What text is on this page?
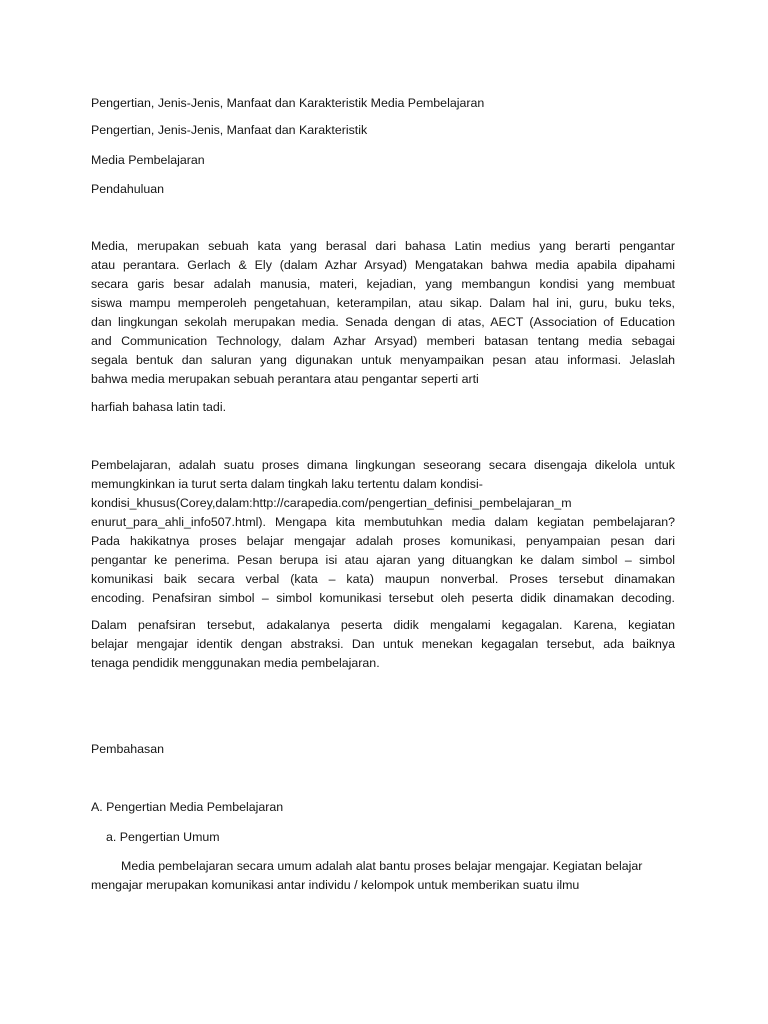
Pengertian, Jenis-Jenis, Manfaat dan Karakteristik Media Pembelajaran

Pengertian, Jenis-Jenis, Manfaat dan Karakteristik

Media Pembelajaran

Pendahuluan

Media, merupakan sebuah kata yang berasal dari bahasa Latin medius yang berarti pengantar
atau perantara. Gerlach & Ely (dalam Azhar Arsyad) Mengatakan bahwa media apabila dipahami
secara garis besar adalah manusia, materi, kejadian, yang membangun kondisi yang membuat
siswa mampu memperoleh pengetahuan, keterampilan, atau sikap. Dalam hal ini, guru, buku teks,
dan lingkungan sekolah merupakan media. Senada dengan di atas, AECT (Association of Education
and Communication Technology, dalam Azhar Arsyad) memberi batasan tentang media sebagai
segala bentuk dan saluran yang digunakan untuk menyampaikan pesan atau informasi. Jelaslah
bahwa media merupakan sebuah perantara atau pengantar seperti arti

harfiah bahasa latin tadi.

Pembelajaran, adalah suatu proses dimana lingkungan seseorang secara disengaja dikelola untuk
memungkinkan ia turut serta dalam tingkah laku tertentu dalam kondisi-
kondisi_khusus(Corey,dalam:http://carapedia.com/pengertian_definisi_pembelajaran_m
enurut_para_ahli_info507.html). Mengapa kita membutuhkan media dalam kegiatan pembelajaran?
Pada hakikatnya proses belajar mengajar adalah proses komunikasi, penyampaian pesan dari
pengantar ke penerima. Pesan berupa isi atau ajaran yang dituangkan ke dalam simbol – simbol
komunikasi baik secara verbal (kata – kata) maupun nonverbal. Proses tersebut dinamakan
encoding. Penafsiran simbol – simbol komunikasi tersebut oleh peserta didik dinamakan decoding.
Dalam penafsiran tersebut, adakalanya peserta didik mengalami kegagalan. Karena, kegiatan
belajar mengajar identik dengan abstraksi. Dan untuk menekan kegagalan tersebut, ada baiknya
tenaga pendidik menggunakan media pembelajaran.

Pembahasan

A. Pengertian Media Pembelajaran

a. Pengertian Umum

Media pembelajaran secara umum adalah alat bantu proses belajar mengajar. Kegiatan belajar

mengajar merupakan komunikasi antar individu / kelompok untuk memberikan suatu ilmu
